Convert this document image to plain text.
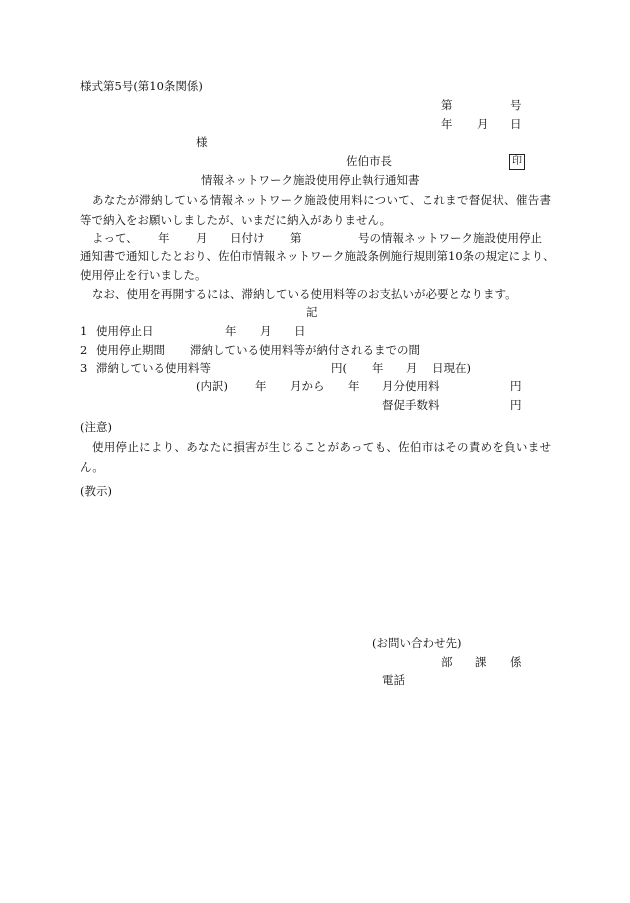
様式第5号(第10条関係)
第	号
年 月 日
様
佐伯市長	印
情報ネットワーク施設使用停止執行通知書
あなたが滞納している情報ネットワーク施設使用料について、これまで督促状、催告書等で納入をお願いしましたが、いまだに納入がありません。
よって、 年 月 日付け 第	号の情報ネットワーク施設使用停止
通知書で通知したとおり、佐伯市情報ネットワーク施設条例施行規則第10条の規定により、
使用停止を行いました。
なお、使用を再開するには、滞納している使用料等のお支払いが必要となります。
記
1 使用停止日	年 月 日
2 使用停止期間 滞納している使用料等が納付されるまでの間
3 滞納している使用料等	円( 年 月 日現在)
(内訳) 年 月から 年 月分使用料	円
督促手数料	円
(注意)
使用停止により、あなたに損害が生じることがあっても、佐伯市はその責めを負いません。
(教示)
(お問い合わせ先)
部 課 係
電話
